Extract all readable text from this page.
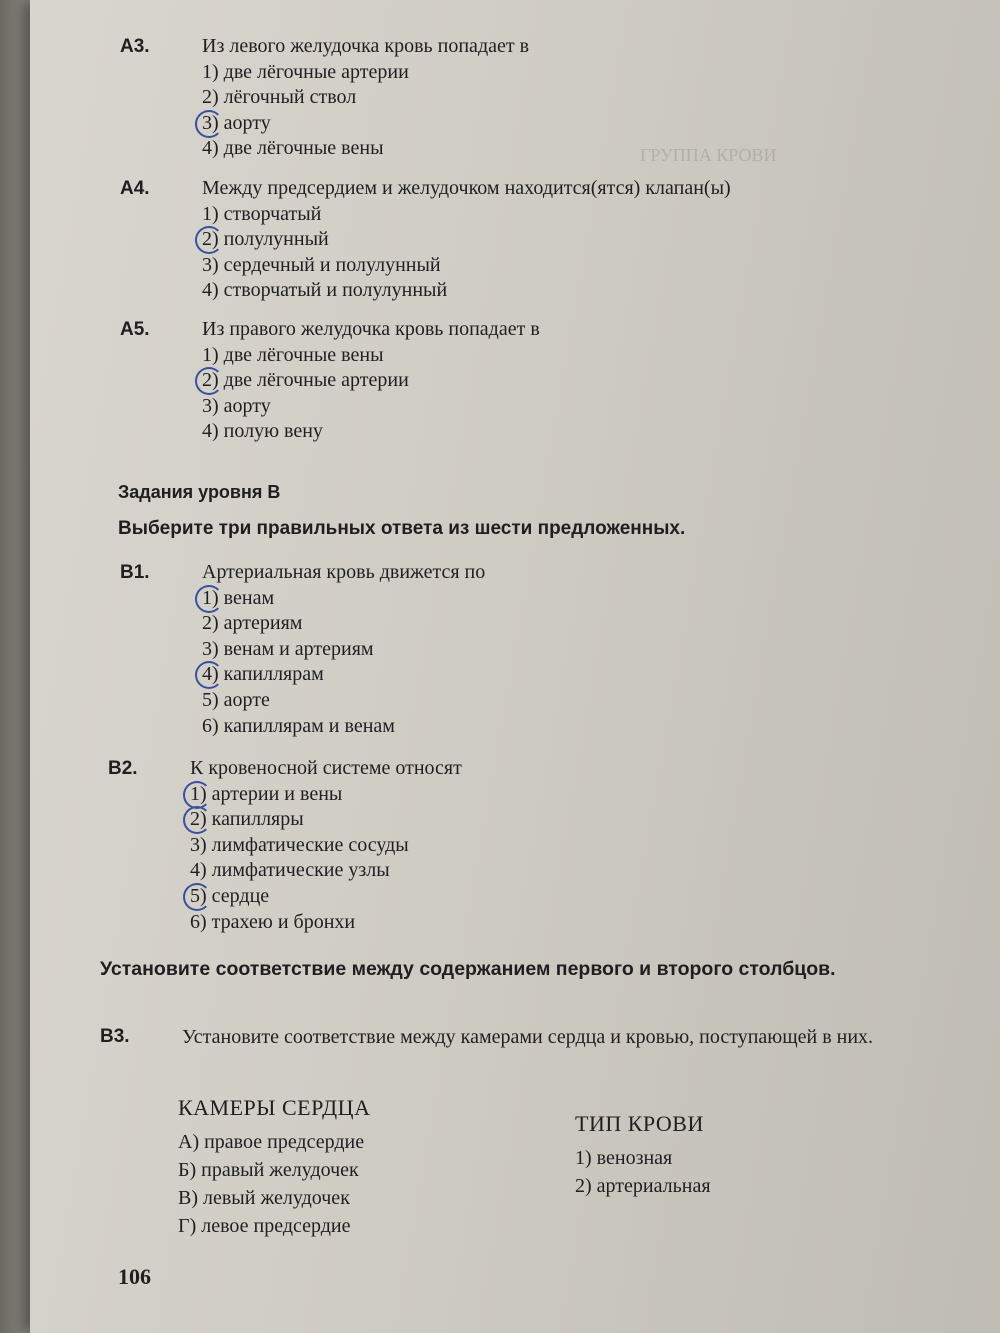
ГРУППА КРОВИ
А3.	Из левого желудочка кровь попадает в
1) две лёгочные артерии
2) лёгочный ствол
3) аорту
4) две лёгочные вены
А4.	Между предсердием и желудочком находится(ятся) клапан(ы)
1) створчатый
2) полулунный
3) сердечный и полулунный
4) створчатый и полулунный
А5.	Из правого желудочка кровь попадает в
1) две лёгочные вены
2) две лёгочные артерии
3) аорту
4) полую вену
Задания уровня В
Выберите три правильных ответа из шести предложенных.
В1.	Артериальная кровь движется по
1) венам
2) артериям
3) венам и артериям
4) капиллярам
5) аорте
6) капиллярам и венам
В2.	К кровеносной системе относят
1) артерии и вены
2) капилляры
3) лимфатические сосуды
4) лимфатические узлы
5) сердце
6) трахею и бронхи
Установите соответствие между содержанием первого и второго столбцов.
В3.	Установите соответствие между камерами сердца и кровью, поступающей в них.
КАМЕРЫ СЕРДЦА
А) правое предсердие
Б) правый желудочек
В) левый желудочек
Г) левое предсердие
ТИП КРОВИ
1) венозная
2) артериальная
106
